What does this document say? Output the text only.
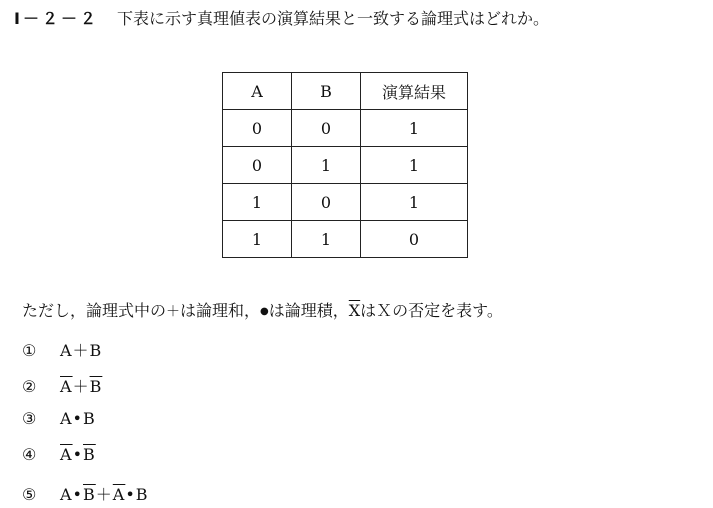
Ⅰ－２－２ 下表に示す真理値表の演算結果と一致する論理式はどれか。
A	B	演算結果
0	0	1
0	1	1
1	0	1
1	1	0
ただし，論理式中の＋は論理和，●は論理積，$\overline{X}$はＸの否定を表す。
① A＋B
② $\overline{A}+\overline{B}$
③ A•B
④ $\overline{A}•\overline{B}$
⑤ $A•\overline{B}+\overline{A}•B$
